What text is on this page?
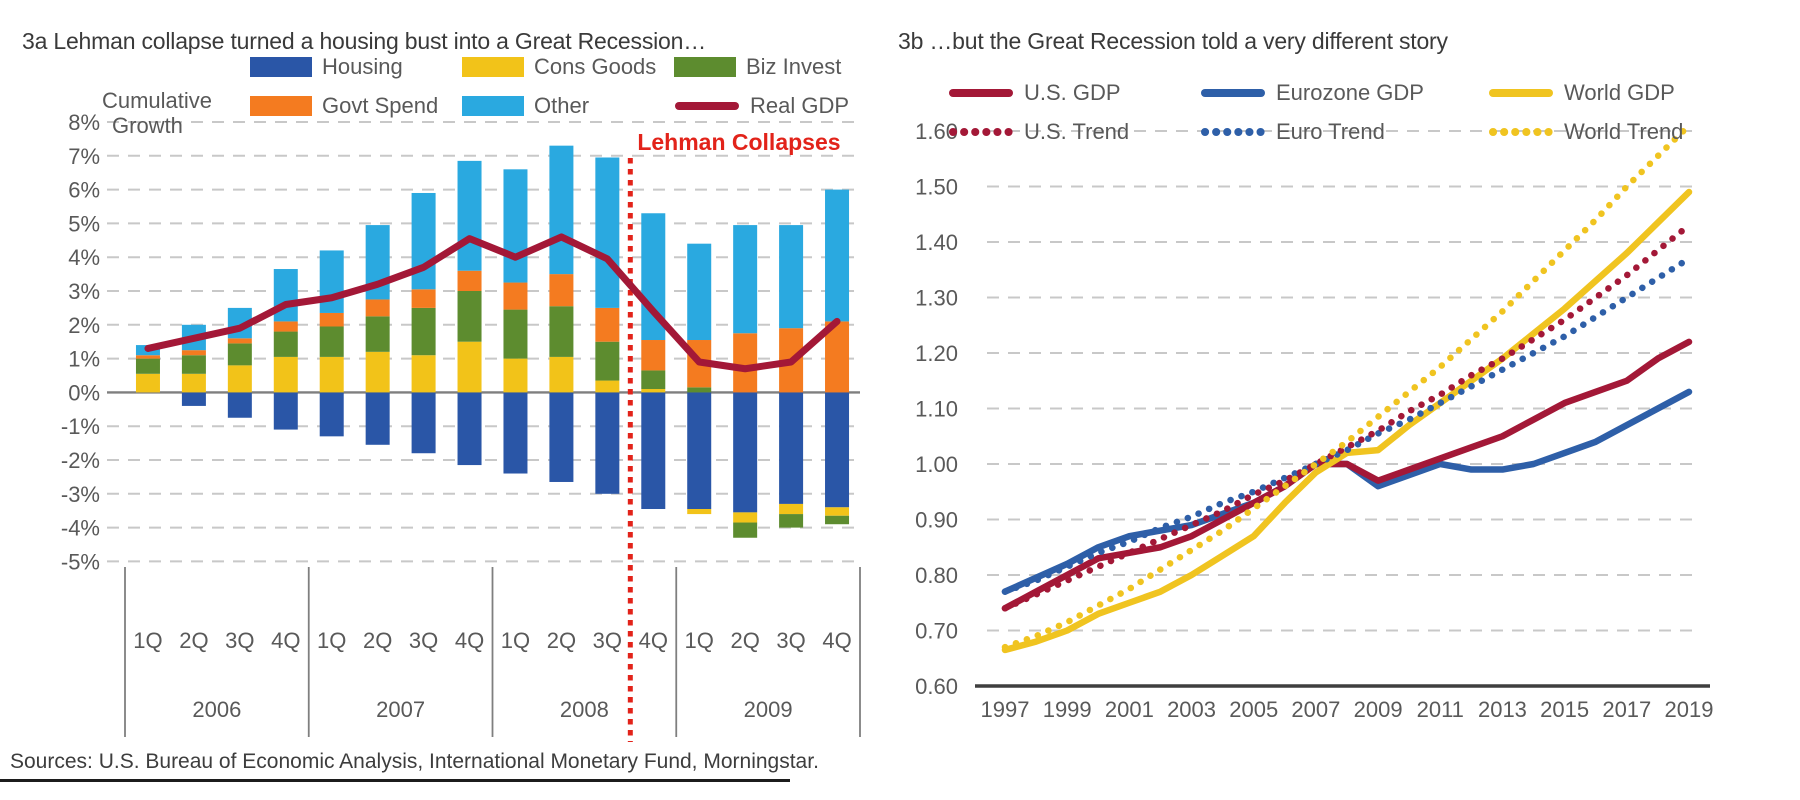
8%
7%
6%
5%
4%
3%
2%
1%
0%
-1%
-2%
-3%
-4%
-5%
Lehman Collapses
1Q 2Q 3Q 4Q 1Q 2Q 3Q 4Q 1Q 2Q 3Q 4Q 1Q 2Q 3Q 4Q
2006	2007	2008	2009
1.60
1.50
1.40
1.30
1.20
1.10
1.00
0.90
0.80
0.70
0.60
1997 1999 2001 2003 2005 2007 2009 2011 2013 2015 2017 2019
3a Lehman collapse turned a housing bust into a Great Recession…	3b …but the Great Recession told a very different story
Cumulative
Growth
Housing	Cons Goods	Biz Invest
Govt Spend	Other	Real GDP
U.S. GDP	Eurozone GDP	World GDP
U.S. Trend	Euro Trend	World Trend
Sources: U.S. Bureau of Economic Analysis, International Monetary Fund, Morningstar.
